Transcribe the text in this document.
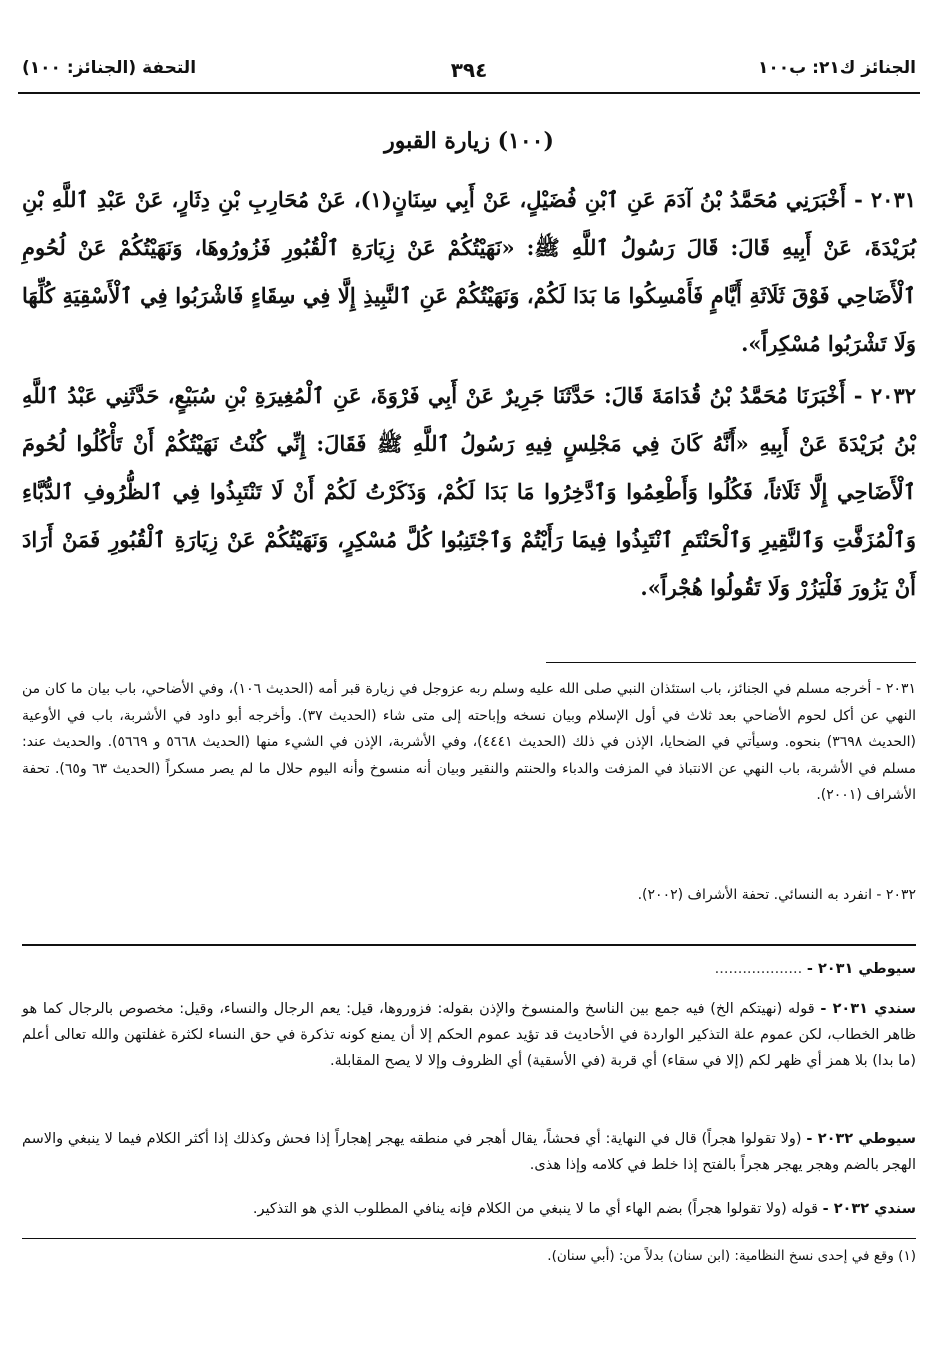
التحفة (الجنائز: ١٠٠)	٣٩٤	الجنائز ك٢١: ب١٠٠
(١٠٠) زيارة القبور
٢٠٣١ - أَخْبَرَنِي مُحَمَّدُ بْنُ آدَمَ عَنِ ٱبْنِ فُضَيْلٍ، عَنْ أَبِي سِنَانٍ(١)، عَنْ مُحَارِبِ بْنِ دِثَارٍ، عَنْ عَبْدِ ٱللَّهِ بْنِ بُرَيْدَةَ، عَنْ أَبِيهِ قَالَ: قَالَ رَسُولُ ٱللَّهِ ﷺ: «نَهَيْتُكُمْ عَنْ زِيَارَةِ ٱلْقُبُورِ فَزُورُوهَا، وَنَهَيْتُكُمْ عَنْ لُحُومِ ٱلْأَضَاحِي فَوْقَ ثَلَاثَةِ أَيَّامٍ فَأَمْسِكُوا مَا بَدَا لَكُمْ، وَنَهَيْتُكُمْ عَنِ ٱلنَّبِيذِ إِلَّا فِي سِقَاءٍ فَاشْرَبُوا فِي ٱلْأَسْقِيَةِ كُلِّهَا وَلَا تَشْرَبُوا مُسْكِراً».
٢٠٣٢ - أَخْبَرَنَا مُحَمَّدُ بْنُ قُدَامَةَ قَالَ: حَدَّثَنَا جَرِيرٌ عَنْ أَبِي فَرْوَةَ، عَنِ ٱلْمُغِيرَةِ بْنِ سُبَيْعٍ، حَدَّثَنِي عَبْدُ ٱللَّهِ بْنُ بُرَيْدَةَ عَنْ أَبِيهِ «أَنَّهُ كَانَ فِي مَجْلِسٍ فِيهِ رَسُولُ ٱللَّهِ ﷺ فَقَالَ: إِنِّي كُنْتُ نَهَيْتُكُمْ أَنْ تَأْكُلُوا لُحُومَ ٱلْأَضَاحِي إِلَّا ثَلَاثاً، فَكُلُوا وَأَطْعِمُوا وَٱدَّخِرُوا مَا بَدَا لَكُمْ، وَذَكَرْتُ لَكُمْ أَنْ لَا تَنْتَبِذُوا فِي ٱلظُّرُوفِ ٱلدُّبَّاءِ وَٱلْمُزَفَّتِ وَٱلنَّقِيرِ وَٱلْحَنْتَمِ ٱنْتَبِذُوا فِيمَا رَأَيْتُمْ وَٱجْتَنِبُوا كُلَّ مُسْكِرٍ، وَنَهَيْتُكُمْ عَنْ زِيَارَةِ ٱلْقُبُورِ فَمَنْ أَرَادَ أَنْ يَزُورَ فَلْيَزُرْ وَلَا تَقُولُوا هُجْراً».
٢٠٣١ - أخرجه مسلم في الجنائز، باب استئذان النبي صلى الله عليه وسلم ربه عزوجل في زيارة قبر أمه (الحديث ١٠٦)، وفي الأضاحي، باب بيان ما كان من النهي عن أكل لحوم الأضاحي بعد ثلاث في أول الإسلام وبيان نسخه وإباحته إلى متى شاء (الحديث ٣٧). وأخرجه أبو داود في الأشربة، باب في الأوعية (الحديث ٣٦٩٨) بنحوه. وسيأتي في الضحايا، الإذن في ذلك (الحديث ٤٤٤١)، وفي الأشربة، الإذن في الشيء منها (الحديث ٥٦٦٨ و ٥٦٦٩). والحديث عند: مسلم في الأشربة، باب النهي عن الانتباذ في المزفت والدباء والحنتم والنقير وبيان أنه منسوخ وأنه اليوم حلال ما لم يصر مسكراً (الحديث ٦٣ و٦٥). تحفة الأشراف (٢٠٠١).
٢٠٣٢ - انفرد به النسائي. تحفة الأشراف (٢٠٠٢).
سيوطي ٢٠٣١ - ...................
سندي ٢٠٣١ - قوله (نهيتكم الخ) فيه جمع بين الناسخ والمنسوخ والإذن بقوله: فزوروها، قيل: يعم الرجال والنساء، وقيل: مخصوص بالرجال كما هو ظاهر الخطاب، لكن عموم علة التذكير الواردة في الأحاديث قد تؤيد عموم الحكم إلا أن يمنع كونه تذكرة في حق النساء لكثرة غفلتهن والله تعالى أعلم (ما بدا) بلا همز أي ظهر لكم (إلا في سقاء) أي قربة (في الأسقية) أي الظروف وإلا لا يصح المقابلة.
سيوطي ٢٠٣٢ - (ولا تقولوا هجراً) قال في النهاية: أي فحشاً، يقال أهجر في منطقه يهجر إهجاراً إذا فحش وكذلك إذا أكثر الكلام فيما لا ينبغي والاسم الهجر بالضم وهجر يهجر هجراً بالفتح إذا خلط في كلامه وإذا هذى.
سندي ٢٠٣٢ - قوله (ولا تقولوا هجراً) بضم الهاء أي ما لا ينبغي من الكلام فإنه ينافي المطلوب الذي هو التذكير.
(١) وقع في إحدى نسخ النظامية: (ابن سنان) بدلاً من: (أبي سنان).
